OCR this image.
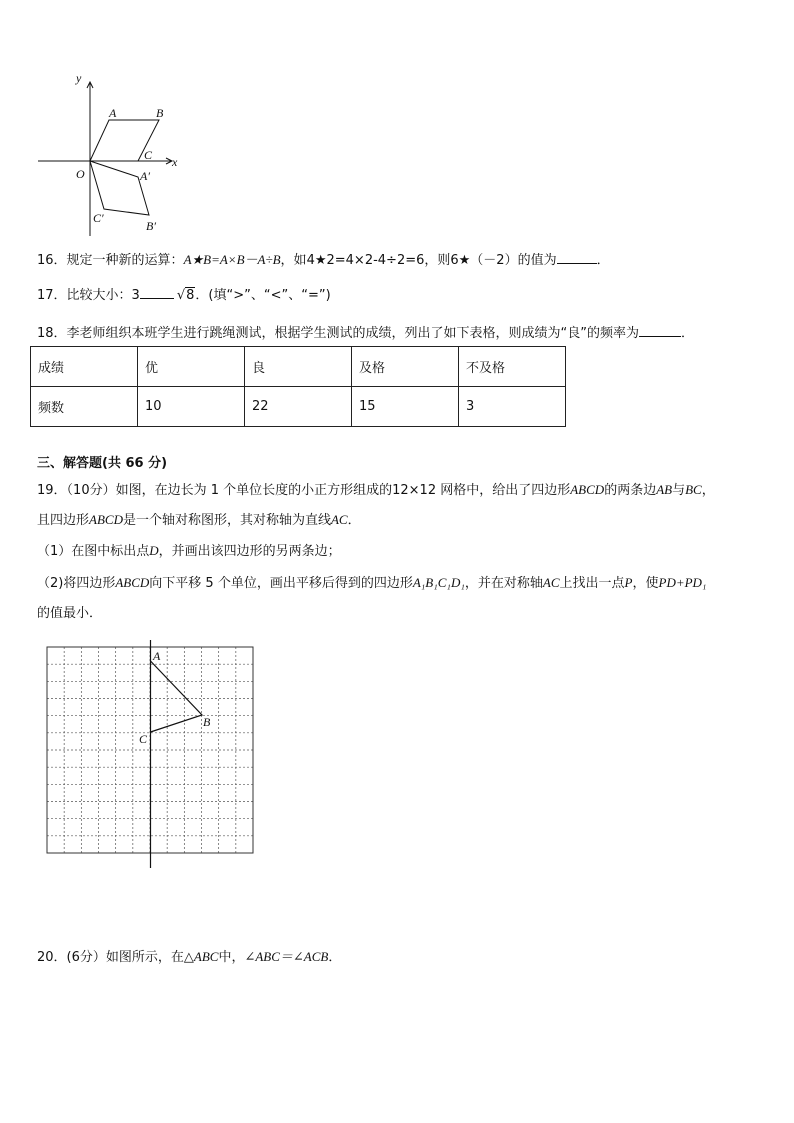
y
x
O
A	B
C
A′
B′
C′
16．规定一种新的运算：A★B=A×B－A÷B，如4★2=4×2-4÷2=6，则6★（－2）的值为	．
17．比较大小：3	√8．(填“>”、“<”、“=”)
18．李老师组织本班学生进行跳绳测试，根据学生测试的成绩，列出了如下表格，则成绩为“良”的频率为	．
成绩	优	良	及格	不及格
频数	10	22	15	3
三、解答题(共 66 分)
19．（10分）如图，在边长为 1 个单位长度的小正方形组成的12×12 网格中，给出了四边形ABCD的两条边AB与BC，
且四边形ABCD是一个轴对称图形，其对称轴为直线AC．
（1）在图中标出点D，并画出该四边形的另两条边；
（2)将四边形ABCD向下平移 5 个单位，画出平移后得到的四边形A₁B₁C₁D₁，并在对称轴AC上找出一点P，使PD+PD₁
的值最小．
A
B
C
20．(6分）如图所示，在△ABC中，∠ABC＝∠ACB．
